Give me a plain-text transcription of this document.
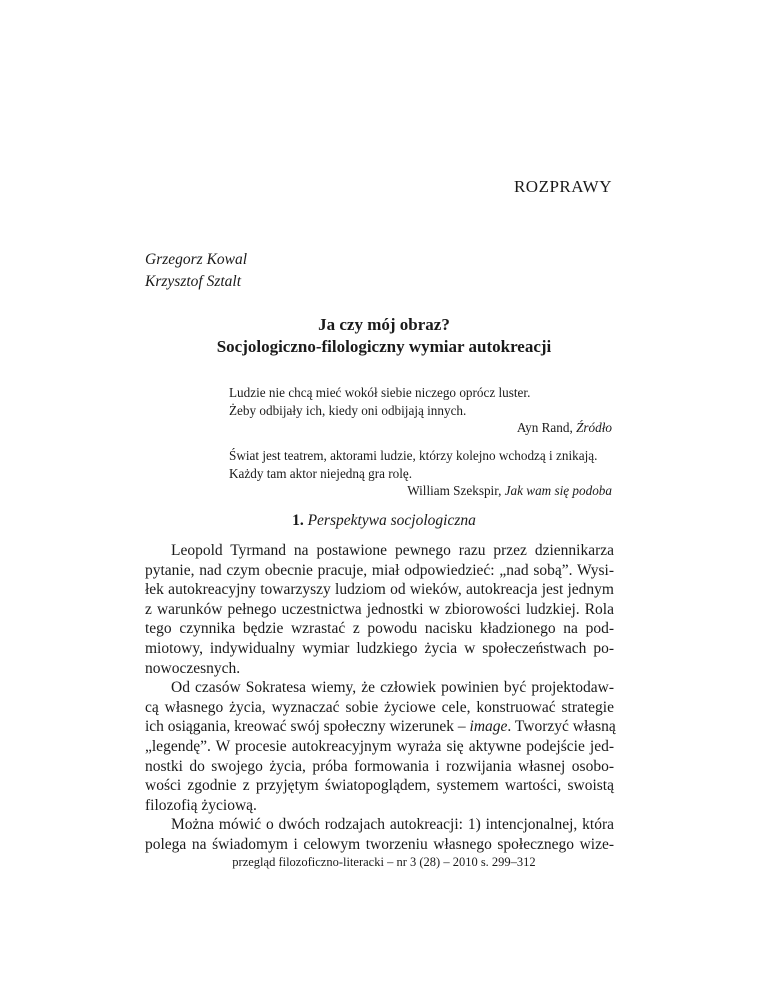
ROZPRAWY
Grzegorz Kowal
Krzysztof Sztalt
Ja czy mój obraz?
Socjologiczno-filologiczny wymiar autokreacji
Ludzie nie chcą mieć wokół siebie niczego oprócz luster.
Żeby odbijały ich, kiedy oni odbijają innych.
Ayn Rand, Źródło
Świat jest teatrem, aktorami ludzie, którzy kolejno wchodzą i znikają.
Każdy tam aktor niejedną gra rolę.
William Szekspir, Jak wam się podoba
1. Perspektywa socjologiczna
Leopold Tyrmand na postawione pewnego razu przez dziennikarza
pytanie, nad czym obecnie pracuje, miał odpowiedzieć: „nad sobą”. Wysi-
łek autokreacyjny towarzyszy ludziom od wieków, autokreacja jest jednym
z warunków pełnego uczestnictwa jednostki w zbiorowości ludzkiej. Rola
tego czynnika będzie wzrastać z powodu nacisku kładzionego na pod-
miotowy, indywidualny wymiar ludzkiego życia w społeczeństwach po-
nowoczesnych.
Od czasów Sokratesa wiemy, że człowiek powinien być projektodaw-
cą własnego życia, wyznaczać sobie życiowe cele, konstruować strategie
ich osiągania, kreować swój społeczny wizerunek – image. Tworzyć własną
„legendę”. W procesie autokreacyjnym wyraża się aktywne podejście jed-
nostki do swojego życia, próba formowania i rozwijania własnej osobo-
wości zgodnie z przyjętym światopoglądem, systemem wartości, swoistą
filozofią życiową.
Można mówić o dwóch rodzajach autokreacji: 1) intencjonalnej, która
polega na świadomym i celowym tworzeniu własnego społecznego wize-
przegląd filozoficzno-literacki – nr 3 (28) – 2010 s. 299–312
